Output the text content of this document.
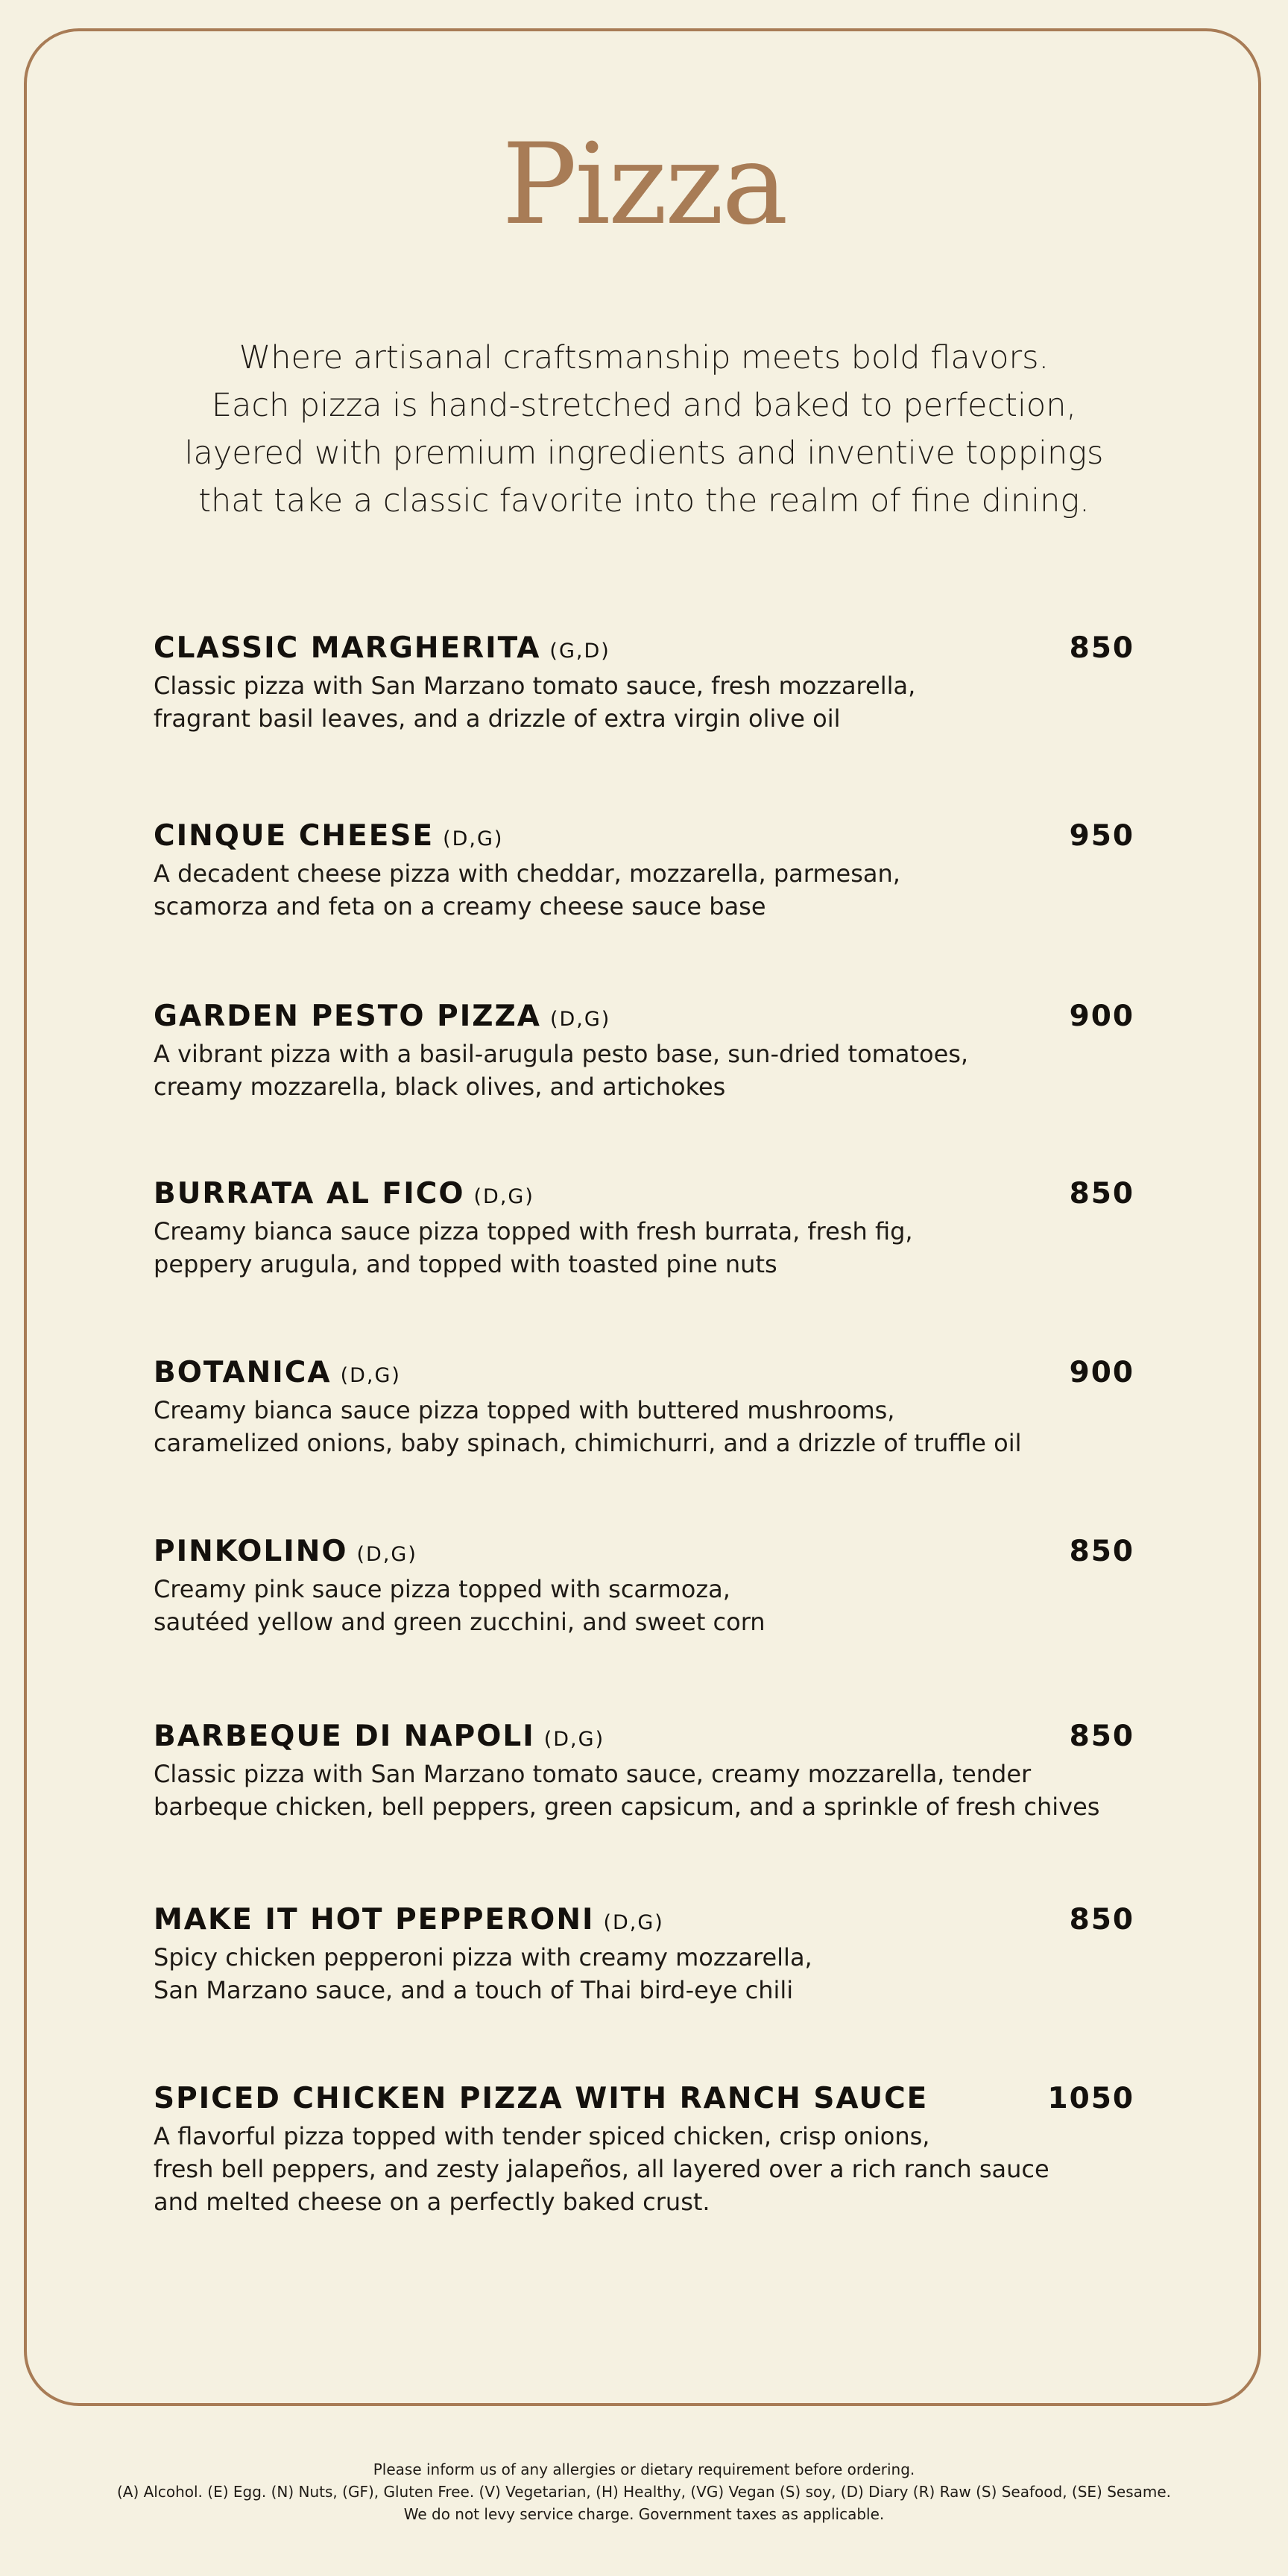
Pizza
Where artisanal craftsmanship meets bold flavors.
Each pizza is hand-stretched and baked to perfection,
layered with premium ingredients and inventive toppings
that take a classic favorite into the realm of fine dining.
CLASSIC MARGHERITA (G,D)	850
Classic pizza with San Marzano tomato sauce, fresh mozzarella,
fragrant basil leaves, and a drizzle of extra virgin olive oil
CINQUE CHEESE (D,G)	950
A decadent cheese pizza with cheddar, mozzarella, parmesan,
scamorza and feta on a creamy cheese sauce base
GARDEN PESTO PIZZA (D,G)	900
A vibrant pizza with a basil-arugula pesto base, sun-dried tomatoes,
creamy mozzarella, black olives, and artichokes
BURRATA AL FICO (D,G)	850
Creamy bianca sauce pizza topped with fresh burrata, fresh fig,
peppery arugula, and topped with toasted pine nuts
BOTANICA (D,G)	900
Creamy bianca sauce pizza topped with buttered mushrooms,
caramelized onions, baby spinach, chimichurri, and a drizzle of truffle oil
PINKOLINO (D,G)	850
Creamy pink sauce pizza topped with scarmoza,
sautéed yellow and green zucchini, and sweet corn
BARBEQUE DI NAPOLI (D,G)	850
Classic pizza with San Marzano tomato sauce, creamy mozzarella, tender
barbeque chicken, bell peppers, green capsicum, and a sprinkle of fresh chives
MAKE IT HOT PEPPERONI (D,G)	850
Spicy chicken pepperoni pizza with creamy mozzarella,
San Marzano sauce, and a touch of Thai bird-eye chili
SPICED CHICKEN PIZZA WITH RANCH SAUCE	1050
A flavorful pizza topped with tender spiced chicken, crisp onions,
fresh bell peppers, and zesty jalapeños, all layered over a rich ranch sauce
and melted cheese on a perfectly baked crust.
Please inform us of any allergies or dietary requirement before ordering.
(A) Alcohol. (E) Egg. (N) Nuts, (GF), Gluten Free. (V) Vegetarian, (H) Healthy, (VG) Vegan (S) soy, (D) Diary (R) Raw (S) Seafood, (SE) Sesame.
We do not levy service charge. Government taxes as applicable.
